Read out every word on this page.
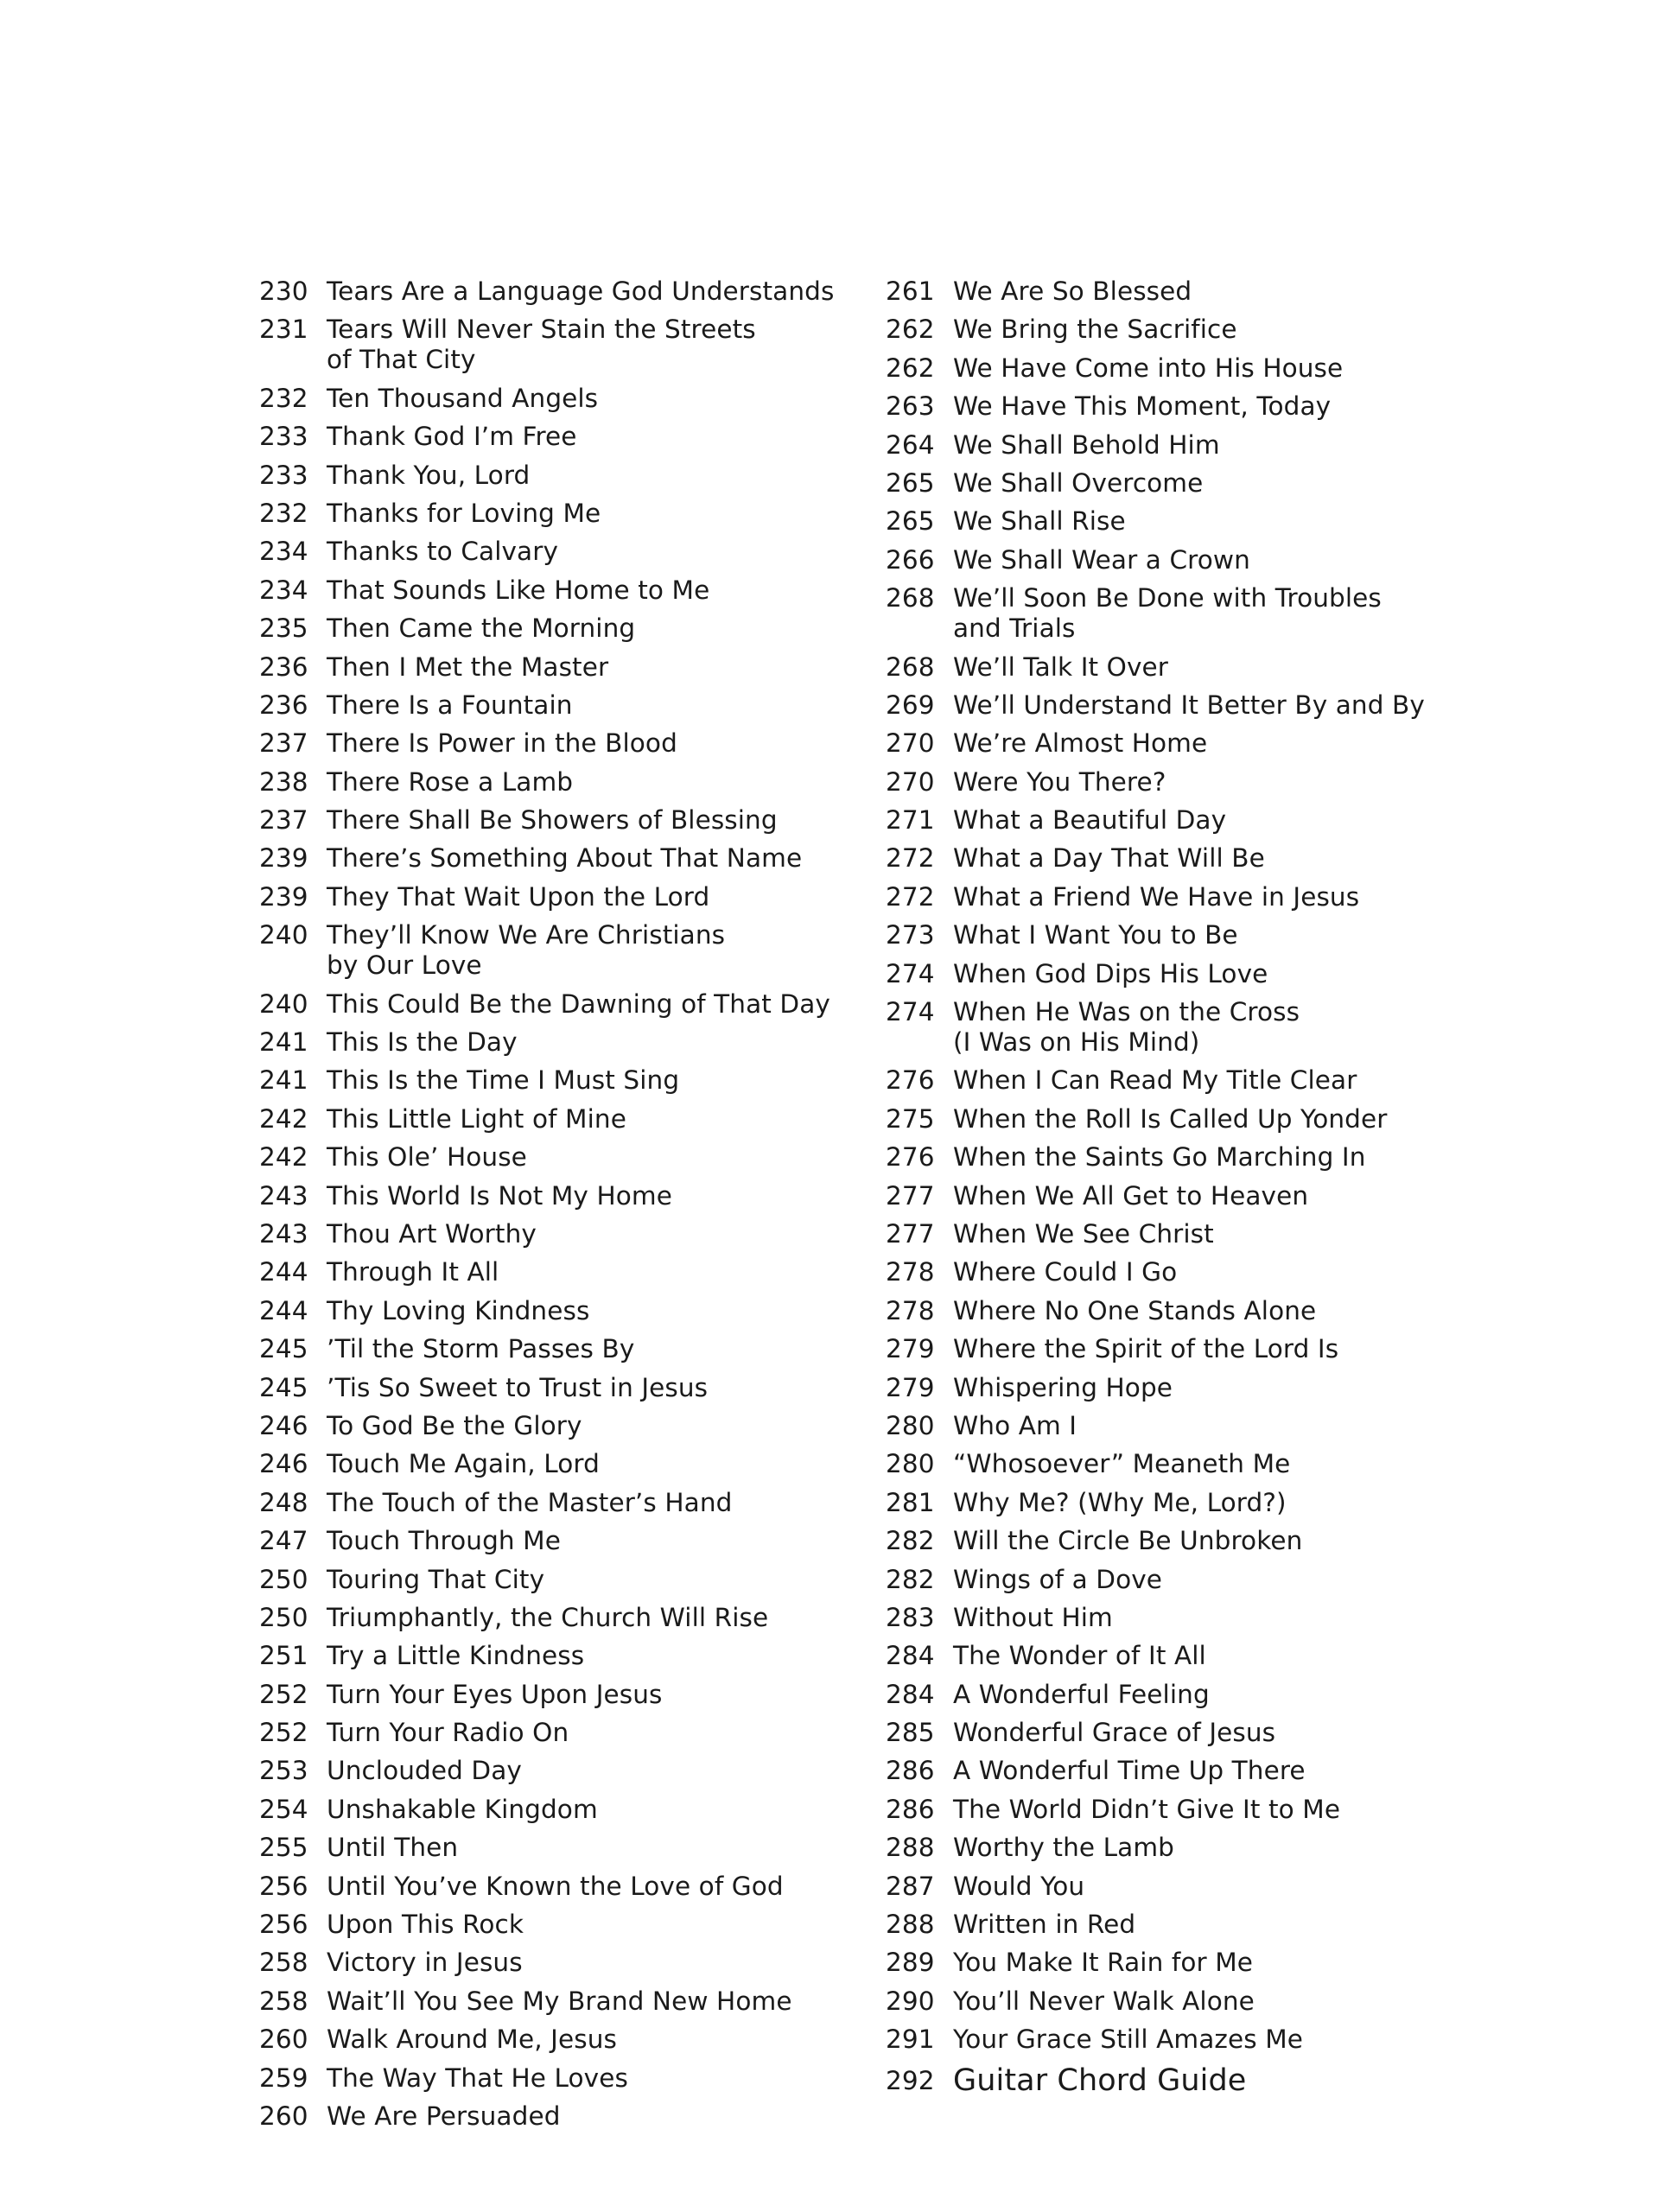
230 Tears Are a Language God Understands
231 Tears Will Never Stain the Streets
of That City
232 Ten Thousand Angels
233 Thank God I’m Free
233 Thank You, Lord
232 Thanks for Loving Me
234 Thanks to Calvary
234 That Sounds Like Home to Me
235 Then Came the Morning
236 Then I Met the Master
236 There Is a Fountain
237 There Is Power in the Blood
238 There Rose a Lamb
237 There Shall Be Showers of Blessing
239 There’s Something About That Name
239 They That Wait Upon the Lord
240 They’ll Know We Are Christians
by Our Love
240 This Could Be the Dawning of That Day
241 This Is the Day
241 This Is the Time I Must Sing
242 This Little Light of Mine
242 This Ole’ House
243 This World Is Not My Home
243 Thou Art Worthy
244 Through It All
244 Thy Loving Kindness
245 ’Til the Storm Passes By
245 ’Tis So Sweet to Trust in Jesus
246 To God Be the Glory
246 Touch Me Again, Lord
248 The Touch of the Master’s Hand
247 Touch Through Me
250 Touring That City
250 Triumphantly, the Church Will Rise
251 Try a Little Kindness
252 Turn Your Eyes Upon Jesus
252 Turn Your Radio On
253 Unclouded Day
254 Unshakable Kingdom
255 Until Then
256 Until You’ve Known the Love of God
256 Upon This Rock
258 Victory in Jesus
258 Wait’ll You See My Brand New Home
260 Walk Around Me, Jesus
259 The Way That He Loves
260 We Are Persuaded
261 We Are So Blessed
262 We Bring the Sacrifice
262 We Have Come into His House
263 We Have This Moment, Today
264 We Shall Behold Him
265 We Shall Overcome
265 We Shall Rise
266 We Shall Wear a Crown
268 We’ll Soon Be Done with Troubles
and Trials
268 We’ll Talk It Over
269 We’ll Understand It Better By and By
270 We’re Almost Home
270 Were You There?
271 What a Beautiful Day
272 What a Day That Will Be
272 What a Friend We Have in Jesus
273 What I Want You to Be
274 When God Dips His Love
274 When He Was on the Cross
(I Was on His Mind)
276 When I Can Read My Title Clear
275 When the Roll Is Called Up Yonder
276 When the Saints Go Marching In
277 When We All Get to Heaven
277 When We See Christ
278 Where Could I Go
278 Where No One Stands Alone
279 Where the Spirit of the Lord Is
279 Whispering Hope
280 Who Am I
280 “Whosoever” Meaneth Me
281 Why Me? (Why Me, Lord?)
282 Will the Circle Be Unbroken
282 Wings of a Dove
283 Without Him
284 The Wonder of It All
284 A Wonderful Feeling
285 Wonderful Grace of Jesus
286 A Wonderful Time Up There
286 The World Didn’t Give It to Me
288 Worthy the Lamb
287 Would You
288 Written in Red
289 You Make It Rain for Me
290 You’ll Never Walk Alone
291 Your Grace Still Amazes Me
292 Guitar Chord Guide
